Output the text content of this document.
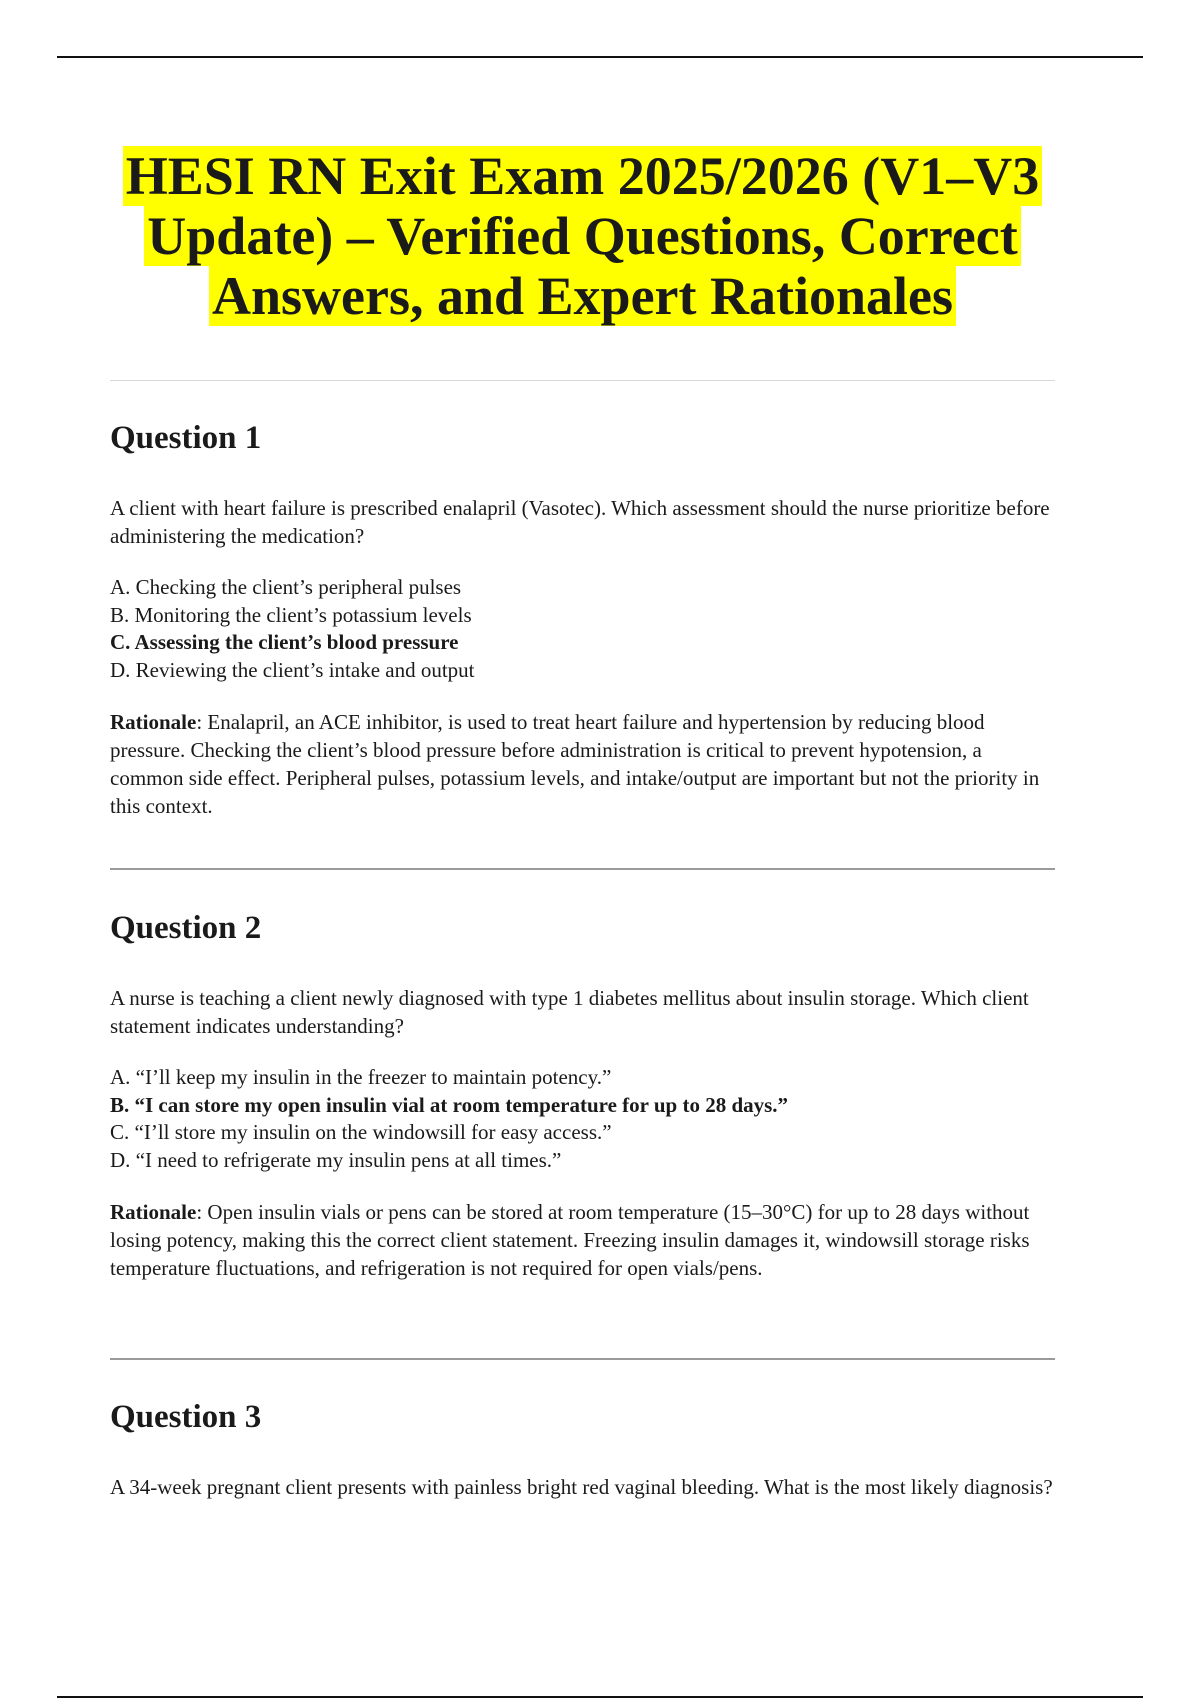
HESI RN Exit Exam 2025/2026 (V1–V3 Update) – Verified Questions, Correct Answers, and Expert Rationales
Question 1

A client with heart failure is prescribed enalapril (Vasotec). Which assessment should the nurse prioritize before administering the medication?

A. Checking the client’s peripheral pulses
B. Monitoring the client’s potassium levels
C. Assessing the client’s blood pressure
D. Reviewing the client’s intake and output

Rationale: Enalapril, an ACE inhibitor, is used to treat heart failure and hypertension by reducing blood pressure. Checking the client’s blood pressure before administration is critical to prevent hypotension, a common side effect. Peripheral pulses, potassium levels, and intake/output are important but not the priority in this context.

Question 2

A nurse is teaching a client newly diagnosed with type 1 diabetes mellitus about insulin storage. Which client statement indicates understanding?

A. “I’ll keep my insulin in the freezer to maintain potency.”
B. “I can store my open insulin vial at room temperature for up to 28 days.”
C. “I’ll store my insulin on the windowsill for easy access.”
D. “I need to refrigerate my insulin pens at all times.”

Rationale: Open insulin vials or pens can be stored at room temperature (15–30°C) for up to 28 days without losing potency, making this the correct client statement. Freezing insulin damages it, windowsill storage risks temperature fluctuations, and refrigeration is not required for open vials/pens.

Question 3

A 34-week pregnant client presents with painless bright red vaginal bleeding. What is the most likely diagnosis?
